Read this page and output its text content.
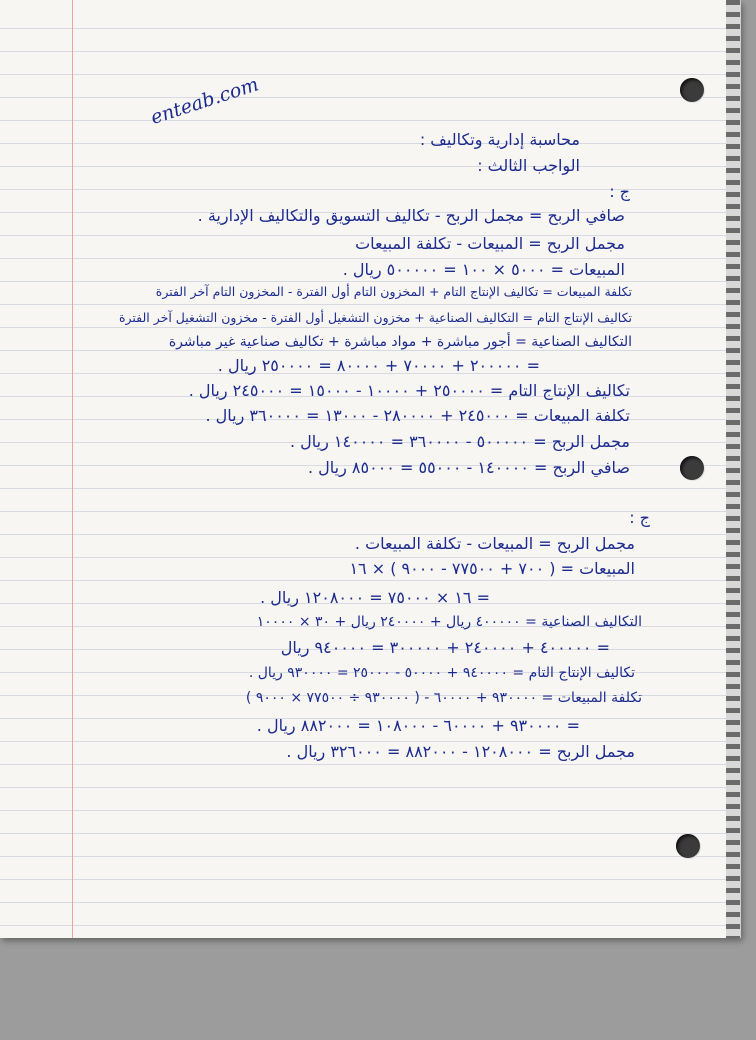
enteab.com
محاسبة إدارية وتكاليف :
الواجب الثالث :
ج :
صافي الربح = مجمل الربح - تكاليف التسويق والتكاليف الإدارية .
مجمل الربح = المبيعات - تكلفة المبيعات
المبيعات = ٥٠٠٠ × ١٠٠ = ٥٠٠٠٠٠ ريال .
تكلفة المبيعات = تكاليف الإنتاج التام + المخزون التام أول الفترة - المخزون التام آخر الفترة
تكاليف الإنتاج التام = التكاليف الصناعية + مخزون التشغيل أول الفترة - مخزون التشغيل آخر الفترة
التكاليف الصناعية = أجور مباشرة + مواد مباشرة + تكاليف صناعية غير مباشرة
= ٢٠٠٠٠٠ + ٧٠٠٠٠ + ٨٠٠٠٠ = ٢٥٠٠٠٠ ريال .
تكاليف الإنتاج التام = ٢٥٠٠٠٠ + ١٠٠٠٠ - ١٥٠٠٠ = ٢٤٥٠٠٠ ريال .
تكلفة المبيعات = ٢٤٥٠٠٠ + ٢٨٠٠٠٠ - ١٣٠٠٠ = ٣٦٠٠٠٠ ريال .
مجمل الربح = ٥٠٠٠٠٠ - ٣٦٠٠٠٠ = ١٤٠٠٠٠ ريال .
صافي الربح = ١٤٠٠٠٠ - ٥٥٠٠٠ = ٨٥٠٠٠ ريال .
ج :
مجمل الربح = المبيعات - تكلفة المبيعات .
المبيعات = ( ٧٠٠ + ٧٧٥٠٠ - ٩٠٠٠ ) × ١٦
= ١٦ × ٧٥٠٠٠ = ١٢٠٨٠٠٠ ريال .
التكاليف الصناعية = ٤٠٠٠٠٠ ريال + ٢٤٠٠٠٠ ريال + ٣٠ × ١٠٠٠٠
= ٤٠٠٠٠٠ + ٢٤٠٠٠٠ + ٣٠٠٠٠٠ = ٩٤٠٠٠٠ ريال
تكاليف الإنتاج التام = ٩٤٠٠٠٠ + ٥٠٠٠٠ - ٢٥٠٠٠ = ٩٣٠٠٠٠ ريال .
تكلفة المبيعات = ٩٣٠٠٠٠ + ٦٠٠٠٠ - ( ٩٣٠٠٠٠ ÷ ٧٧٥٠٠ × ٩٠٠٠ )
= ٩٣٠٠٠٠ + ٦٠٠٠٠ - ١٠٨٠٠٠ = ٨٨٢٠٠٠ ريال .
مجمل الربح = ١٢٠٨٠٠٠ - ٨٨٢٠٠٠ = ٣٢٦٠٠٠ ريال .
